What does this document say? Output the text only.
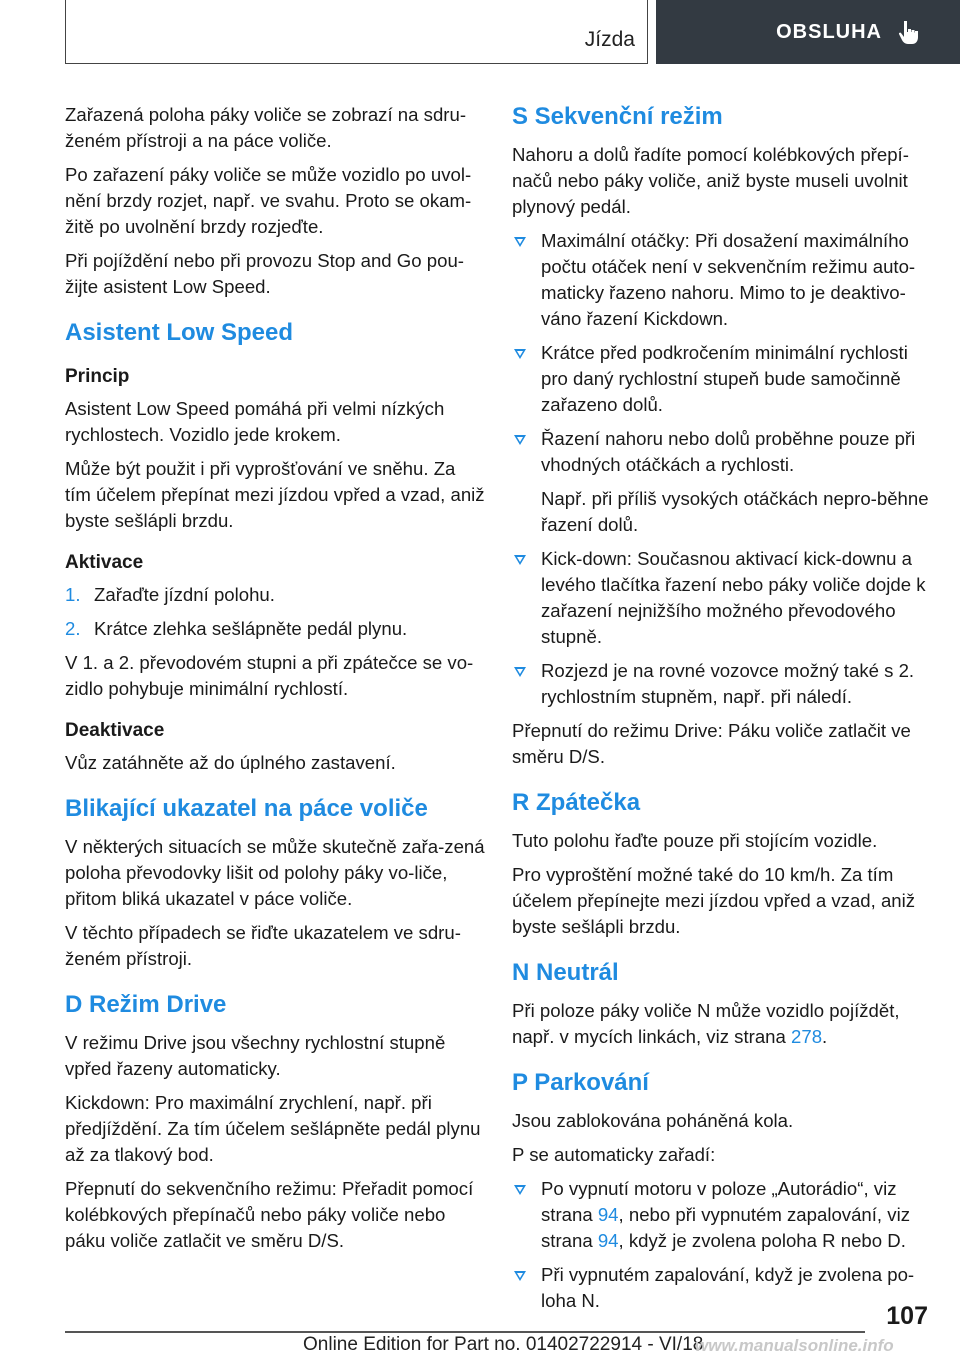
Jízda	OBSLUHA

Zařazená poloha páky voliče se zobrazí na sdru‐ženém přístroji a na páce voliče.

Po zařazení páky voliče se může vozidlo po uvol‐nění brzdy rozjet, např. ve svahu. Proto se okam‐žitě po uvolnění brzdy rozjeďte.

Při pojíždění nebo při provozu Stop and Go pou‐žijte asistent Low Speed.

Asistent Low Speed
Princip

Asistent Low Speed pomáhá při velmi nízkých rychlostech. Vozidlo jede krokem.

Může být použit i při vyprošťování ve sněhu. Za tím účelem přepínat mezi jízdou vpřed a vzad, aniž byste sešlápli brzdu.

Aktivace
1. Zařaďte jízdní polohu.
2. Krátce zlehka sešlápněte pedál plynu.

V 1. a 2. převodovém stupni a při zpátečce se vo‐zidlo pohybuje minimální rychlostí.

Deaktivace

Vůz zatáhněte až do úplného zastavení.

Blikající ukazatel na páce voliče

V některých situacích se může skutečně zařa‐zená poloha převodovky lišit od polohy páky vo‐liče, přitom bliká ukazatel v páce voliče.

V těchto případech se řiďte ukazatelem ve sdru‐ženém přístroji.

D Režim Drive

V režimu Drive jsou všechny rychlostní stupně vpřed řazeny automaticky.

Kickdown: Pro maximální zrychlení, např. při předjíždění. Za tím účelem sešlápněte pedál plynu až za tlakový bod.

Přepnutí do sekvenčního režimu: Přeřadit pomocí kolébkových přepínačů nebo páky voliče nebo páku voliče zatlačit ve směru D/S.

S Sekvenční režim

Nahoru a dolů řadíte pomocí kolébkových přepí‐načů nebo páky voliče, aniž byste museli uvolnit plynový pedál.

Maximální otáčky: Při dosažení maximálního počtu otáček není v sekvenčním režimu auto‐maticky řazeno nahoru. Mimo to je deaktivo‐váno řazení Kickdown.
Krátce před podkročením minimální rychlosti pro daný rychlostní stupeň bude samočinně zařazeno dolů.
Řazení nahoru nebo dolů proběhne pouze při vhodných otáčkách a rychlosti.
Např. při příliš vysokých otáčkách nepro‐běhne řazení dolů.
Kick-down: Současnou aktivací kick-downu a levého tlačítka řazení nebo páky voliče dojde k zařazení nejnižšího možného převodového stupně.
Rozjezd je na rovné vozovce možný také s 2. rychlostním stupněm, např. při náledí.

Přepnutí do režimu Drive: Páku voliče zatlačit ve směru D/S.

R Zpátečka

Tuto polohu řaďte pouze při stojícím vozidle.

Pro vyproštění možné také do 10 km/h. Za tím účelem přepínejte mezi jízdou vpřed a vzad, aniž byste sešlápli brzdu.

N Neutrál

Při poloze páky voliče N může vozidlo pojíždět, např. v mycích linkách, viz strana 278.

P Parkování

Jsou zablokována poháněná kola.

P se automaticky zařadí:

Po vypnutí motoru v poloze „Autorádio“, viz strana 94, nebo při vypnutém zapalování, viz strana 94, když je zvolena poloha R nebo D.
Při vypnutém zapalování, když je zvolena po‐loha N.
107
Online Edition for Part no. 01402722914 - VI/18
www.manualsonline.info
